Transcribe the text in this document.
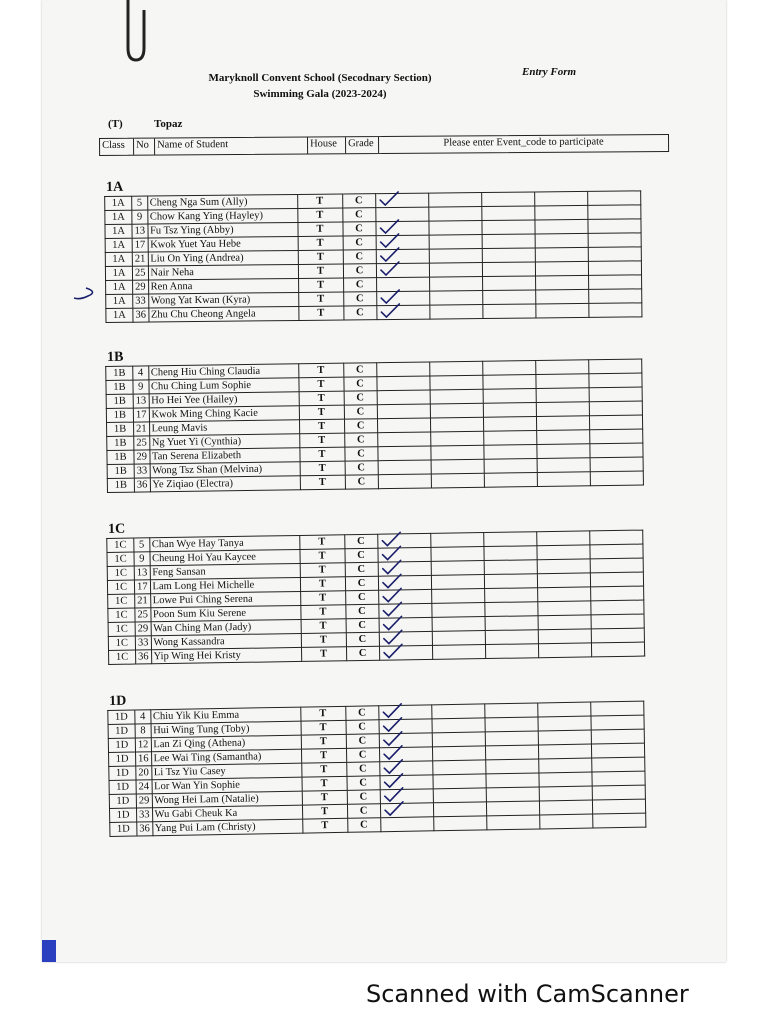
Maryknoll Convent School (Secodnary Section)
Swimming Gala (2023-2024)
Entry Form
(T)	Topaz
Class	No Name of Student	House	Grade	Please enter Event_code to participate
1A
1A	5	Cheng Nga Sum (Ally)	T	C	

1A	9	Chow Kang Ying (Hayley)	T	C					
1A	13	Fu Tsz Ying (Abby)	T	C	

1A	17	Kwok Yuet Yau Hebe	T	C	

1A	21	Liu On Ying (Andrea)	T	C	

1A	25	Nair Neha	T	C	

1A	29	Ren Anna	T	C					
1A	33	Wong Yat Kwan (Kyra)	T	C	

1A	36	Zhu Chu Cheong Angela	T	C	

1B
1B	4	Cheng Hiu Ching Claudia	T	C					
1B	9	Chu Ching Lum Sophie	T	C					
1B	13	Ho Hei Yee (Hailey)	T	C					
1B	17	Kwok Ming Ching Kacie	T	C					
1B	21	Leung Mavis	T	C					
1B	25	Ng Yuet Yi (Cynthia)	T	C					
1B	29	Tan Serena Elizabeth	T	C					
1B	33	Wong Tsz Shan (Melvina)	T	C					
1B	36	Ye Ziqiao (Electra)	T	C					
1C
1C	5	Chan Wye Hay Tanya	T	C	

1C	9	Cheung Hoi Yau Kaycee	T	C	

1C	13	Feng Sansan	T	C	

1C	17	Lam Long Hei Michelle	T	C	

1C	21	Lowe Pui Ching Serena	T	C	

1C	25	Poon Sum Kiu Serene	T	C	

1C	29	Wan Ching Man (Jady)	T	C	

1C	33	Wong Kassandra	T	C	

1C	36	Yip Wing Hei Kristy	T	C	

1D
1D	4	Chiu Yik Kiu Emma	T	C	

1D	8	Hui Wing Tung (Toby)	T	C	

1D	12	Lan Zi Qing (Athena)	T	C	

1D	16	Lee Wai Ting (Samantha)	T	C	

1D	20	Li Tsz Yiu Casey	T	C	

1D	24	Lor Wan Yin Sophie	T	C	

1D	29	Wong Hei Lam (Natalie)	T	C	

1D	33	Wu Gabi Cheuk Ka	T	C	

1D	36	Yang Pui Lam (Christy)	T	C					
Scanned with CamScanner
